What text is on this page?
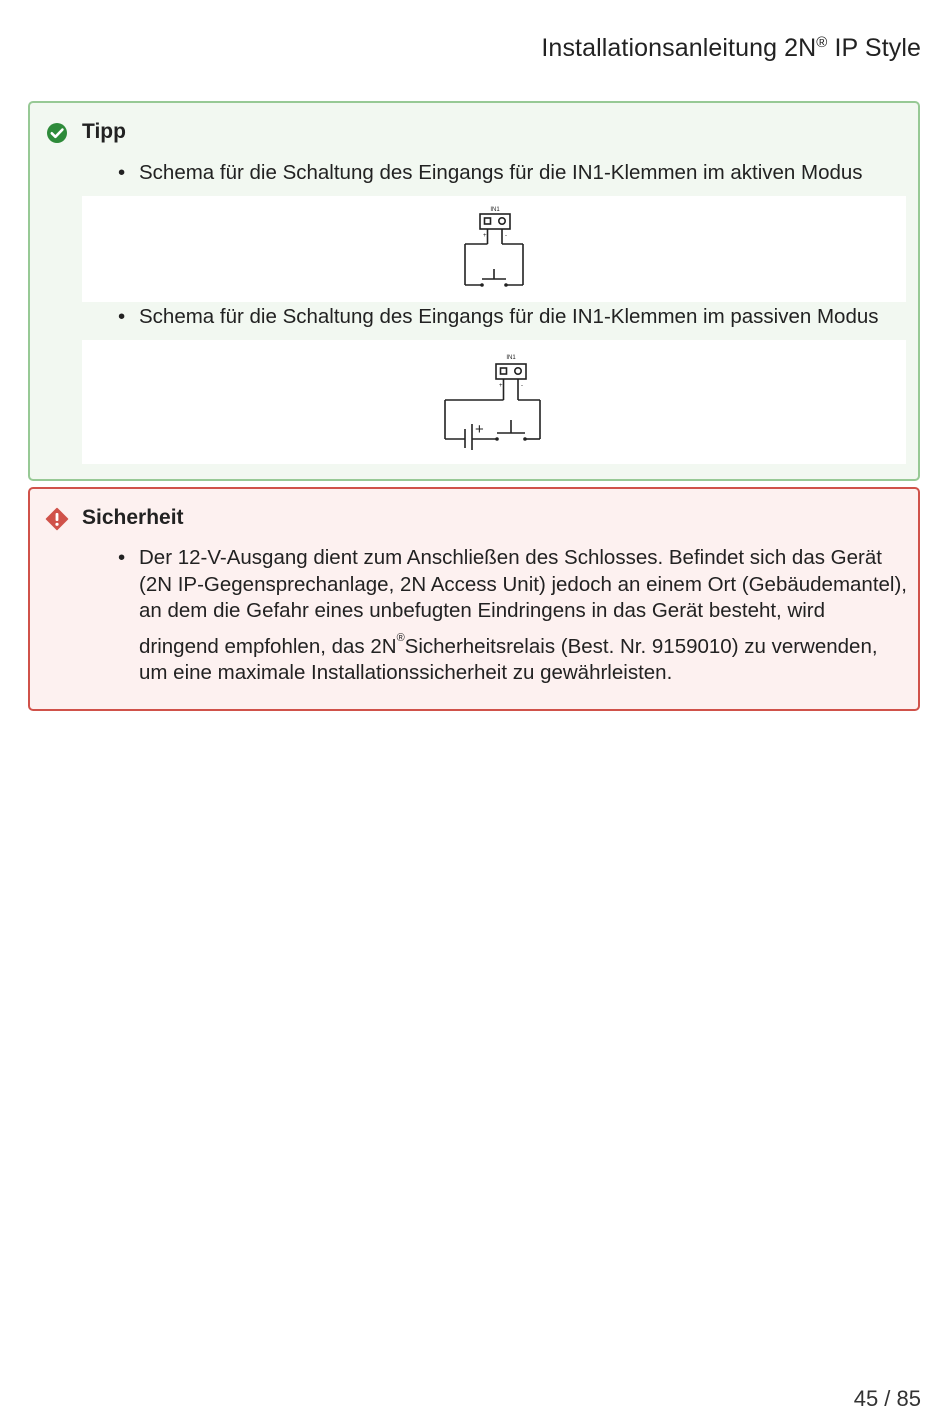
Installationsanleitung 2N® IP Style
Tipp
• Schema für die Schaltung des Eingangs für die IN1-Klemmen im aktiven Modus
IN1
+	-
• Schema für die Schaltung des Eingangs für die IN1-Klemmen im passiven Modus
IN1
+	-
+
Sicherheit
• Der 12-V-Ausgang dient zum Anschließen des Schlosses. Befindet sich das Gerät (2N IP-Gegensprechanlage, 2N Access Unit) jedoch an einem Ort (Gebäudemantel), an dem die Gefahr eines unbefugten Eindringens in das Gerät besteht, wird dringend empfohlen, das 2N®Sicherheitsrelais (Best. Nr. 9159010) zu verwenden, um eine maximale Installationssicherheit zu gewährleisten.
45 / 85
